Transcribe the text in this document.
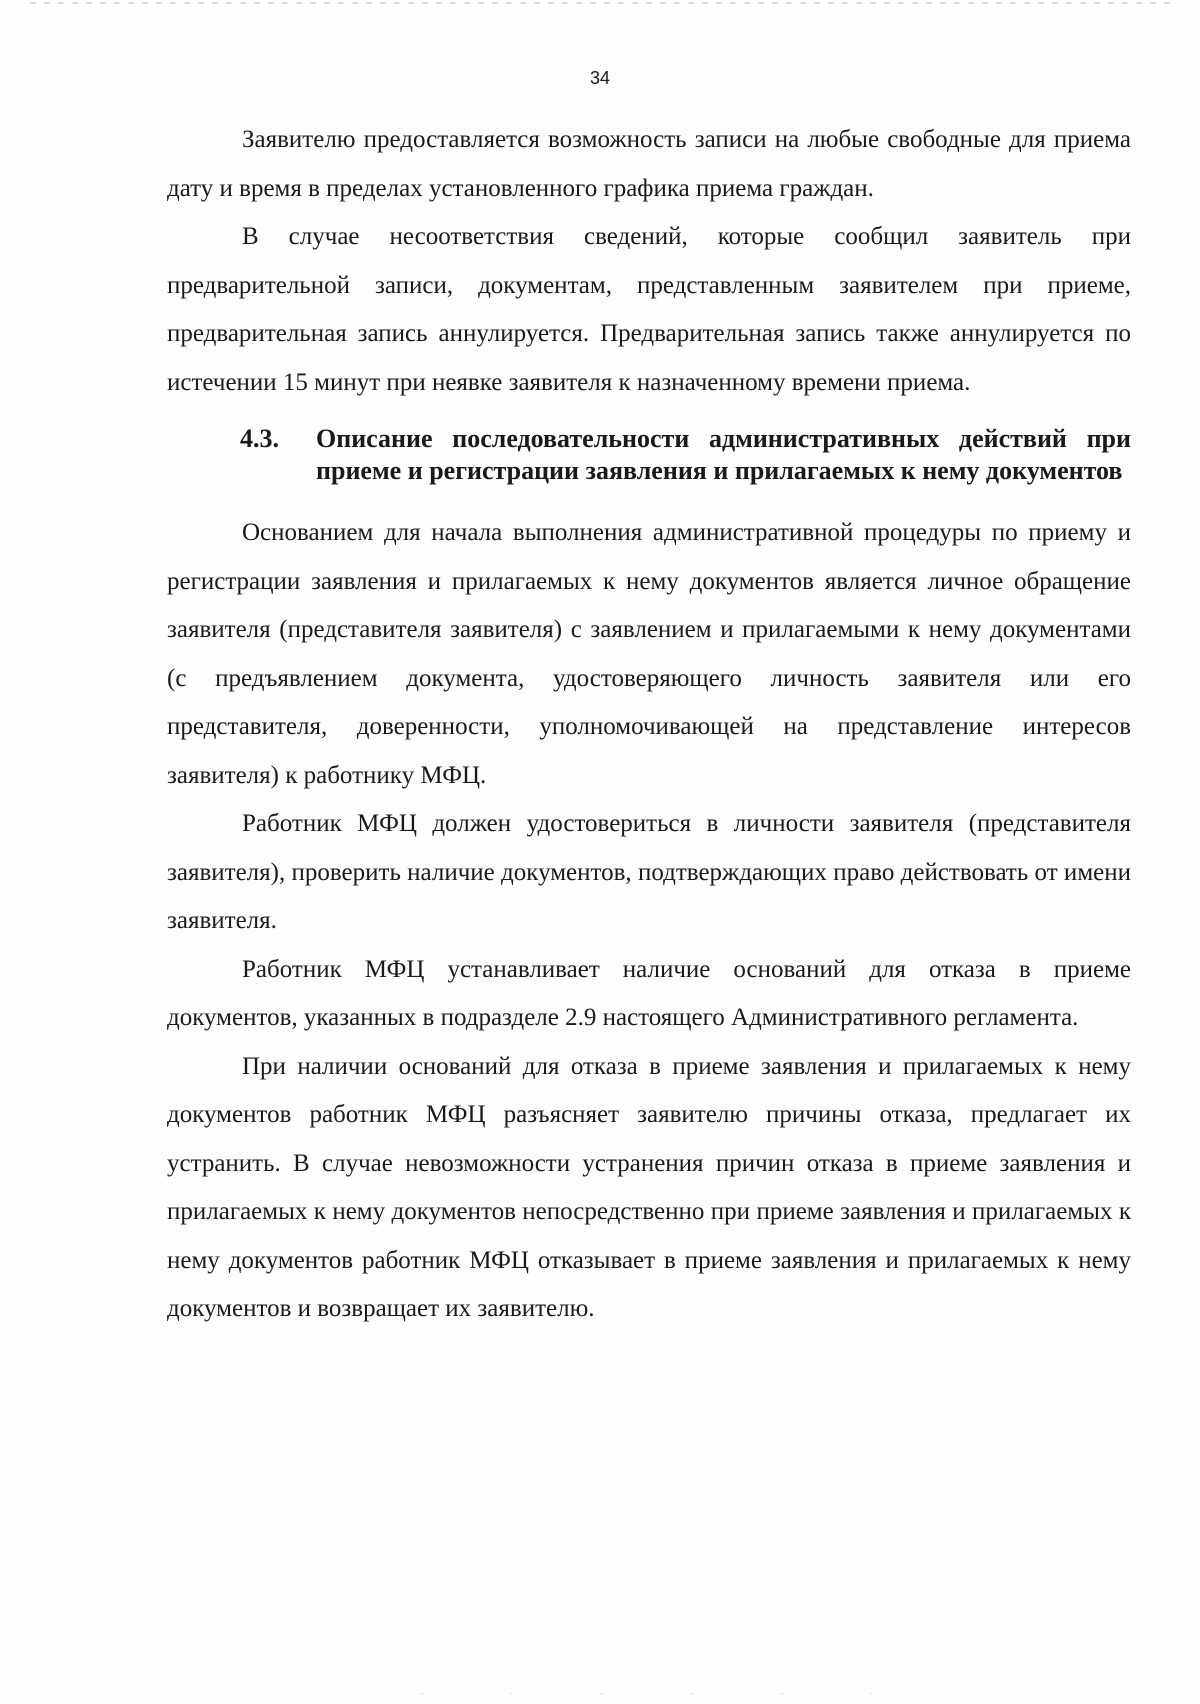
34

Заявителю предоставляется возможность записи на любые свободные для приема дату и время в пределах установленного графика приема граждан.

В случае несоответствия сведений, которые сообщил заявитель при предварительной записи, документам, представленным заявителем при приеме, предварительная запись аннулируется. Предварительная запись также аннулируется по истечении 15 минут при неявке заявителя к назначенному времени приема.

4.3.	Описание последовательности административных действий при приеме и регистрации заявления и прилагаемых к нему документов

Основанием для начала выполнения административной процедуры по приему и регистрации заявления и прилагаемых к нему документов является личное обращение заявителя (представителя заявителя) с заявлением и прилагаемыми к нему документами (с предъявлением документа, удостоверяющего личность заявителя или его представителя, доверенности, уполномочивающей на представление интересов заявителя) к работнику МФЦ.

Работник МФЦ должен удостовериться в личности заявителя (представителя заявителя), проверить наличие документов, подтверждающих право действовать от имени заявителя.

Работник МФЦ устанавливает наличие оснований для отказа в приеме документов, указанных в подразделе 2.9 настоящего Административного регламента.

При наличии оснований для отказа в приеме заявления и прилагаемых к нему документов работник МФЦ разъясняет заявителю причины отказа, предлагает их устранить. В случае невозможности устранения причин отказа в приеме заявления и прилагаемых к нему документов непосредственно при приеме заявления и прилагаемых к нему документов работник МФЦ отказывает в приеме заявления и прилагаемых к нему документов и возвращает их заявителю.
